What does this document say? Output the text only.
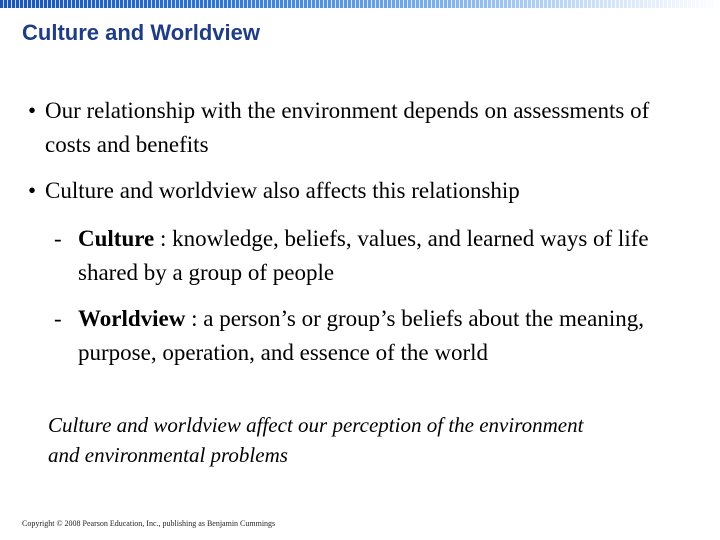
Culture and Worldview
• Our relationship with the environment depends on assessments of costs and benefits
• Culture and worldview also affects this relationship
- Culture : knowledge, beliefs, values, and learned ways of life shared by a group of people
- Worldview : a person’s or group’s beliefs about the meaning, purpose, operation, and essence of the world
Culture and worldview affect our perception of the environment and environmental problems
Copyright © 2008 Pearson Education, Inc., publishing as Benjamin Cummings
